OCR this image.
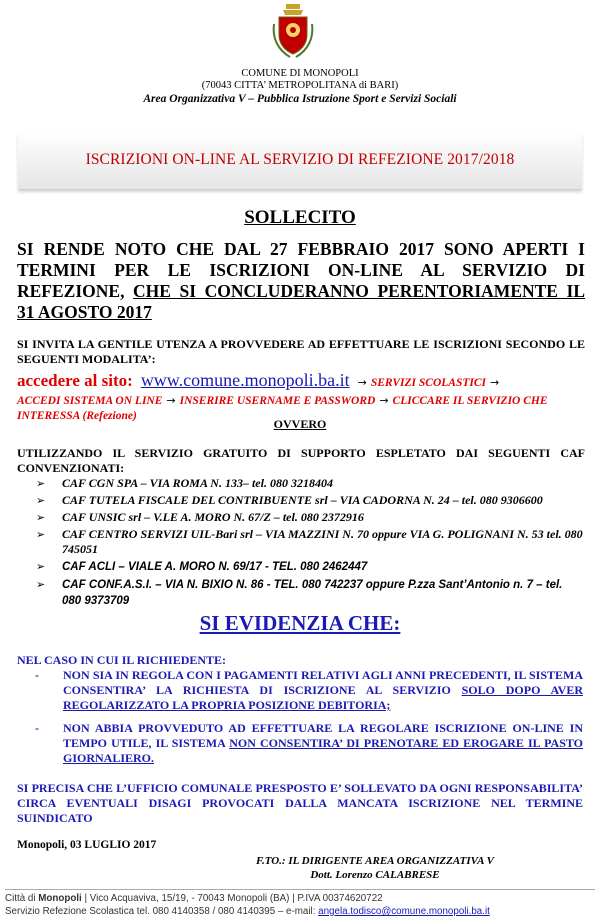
COMUNE DI MONOPOLI
(70043 CITTA’ METROPOLITANA di BARI)
Area Organizzativa V – Pubblica Istruzione Sport e Servizi Sociali
ISCRIZIONI ON-LINE AL SERVIZIO DI REFEZIONE 2017/2018
SOLLECITO
SI RENDE NOTO CHE DAL 27 FEBBRAIO 2017 SONO APERTI I TERMINI PER LE ISCRIZIONI ON-LINE AL SERVIZIO DI REFEZIONE, CHE SI CONCLUDERANNO PERENTORIAMENTE IL 31 AGOSTO 2017
SI INVITA LA GENTILE UTENZA A PROVVEDERE AD EFFETTUARE LE ISCRIZIONI SECONDO LE SEGUENTI MODALITA’:
accedere al sito: www.comune.monopoli.ba.it → SERVIZI SCOLASTICI →
ACCEDI SISTEMA ON LINE → INSERIRE USERNAME E PASSWORD → CLICCARE IL SERVIZIO CHE INTERESSA (Refezione)
OVVERO
UTILIZZANDO IL SERVIZIO GRATUITO DI SUPPORTO ESPLETATO DAI SEGUENTI CAF CONVENZIONATI:
➢ CAF CGN SPA – VIA ROMA N. 133– tel. 080 3218404
➢ CAF TUTELA FISCALE DEL CONTRIBUENTE srl – VIA CADORNA N. 24 – tel. 080 9306600
➢ CAF UNSIC srl – V.LE A. MORO N. 67/Z – tel. 080 2372916
➢ CAF CENTRO SERVIZI UIL-Bari srl – VIA MAZZINI N. 70 oppure VIA G. POLIGNANI N. 53 tel. 080 745051
➢ CAF ACLI – VIALE A. MORO N. 69/17 - TEL. 080 2462447
➢ CAF CONF.A.S.I. – VIA N. BIXIO N. 86 - TEL. 080 742237 oppure P.zza Sant’Antonio n. 7 – tel. 080 9373709
SI EVIDENZIA CHE:
NEL CASO IN CUI IL RICHIEDENTE:
- NON SIA IN REGOLA CON I PAGAMENTI RELATIVI AGLI ANNI PRECEDENTI, IL SISTEMA CONSENTIRA’ LA RICHIESTA DI ISCRIZIONE AL SERVIZIO SOLO DOPO AVER REGOLARIZZATO LA PROPRIA POSIZIONE DEBITORIA;
- NON ABBIA PROVVEDUTO AD EFFETTUARE LA REGOLARE ISCRIZIONE ON-LINE IN TEMPO UTILE, IL SISTEMA NON CONSENTIRA’ DI PRENOTARE ED EROGARE IL PASTO GIORNALIERO.
SI PRECISA CHE L’UFFICIO COMUNALE PRESPOSTO E’ SOLLEVATO DA OGNI RESPONSABILITA’ CIRCA EVENTUALI DISAGI PROVOCATI DALLA MANCATA ISCRIZIONE NEL TERMINE SUINDICATO
Monopoli, 03 LUGLIO 2017
F.TO.: IL DIRIGENTE AREA ORGANIZZATIVA V
Dott. Lorenzo CALABRESE
Città di Monopoli | Vico Acquaviva, 15/19, - 70043 Monopoli (BA) | P.IVA 00374620722
Servizio Refezione Scolastica tel. 080 4140358 / 080 4140395 – e-mail: angela.todisco@comune.monopoli.ba.it
